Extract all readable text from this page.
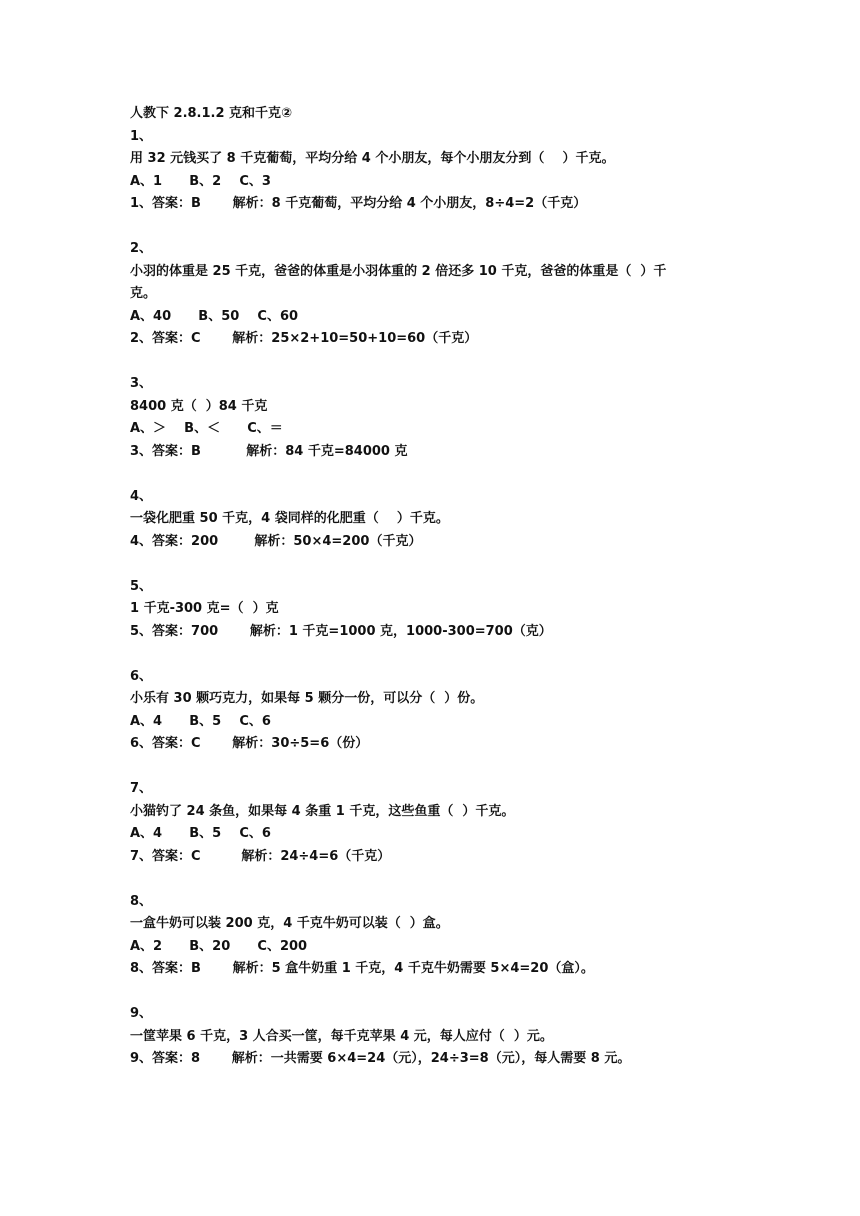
人教下 2.8.1.2 克和千克②
1、
用 32 元钱买了 8 千克葡萄，平均分给 4 个小朋友，每个小朋友分到（    ）千克。
A、1      B、2    C、3
1、答案：B       解析：8 千克葡萄，平均分给 4 个小朋友，8÷4=2（千克）
2、
小羽的体重是 25 千克，爸爸的体重是小羽体重的 2 倍还多 10 千克，爸爸的体重是（  ）千
克。
A、40      B、50    C、60
2、答案：C       解析：25×2+10=50+10=60（千克）
3、
8400 克（  ）84 千克
A、＞    B、＜      C、＝
3、答案：B          解析：84 千克=84000 克
4、
一袋化肥重 50 千克，4 袋同样的化肥重（    ）千克。
4、答案：200        解析：50×4=200（千克）
5、
1 千克-300 克=（  ）克
5、答案：700       解析：1 千克=1000 克，1000-300=700（克）
6、
小乐有 30 颗巧克力，如果每 5 颗分一份，可以分（  ）份。
A、4      B、5    C、6
6、答案：C       解析：30÷5=6（份）
7、
小猫钓了 24 条鱼，如果每 4 条重 1 千克，这些鱼重（  ）千克。
A、4      B、5    C、6
7、答案：C         解析：24÷4=6（千克）
8、
一盒牛奶可以装 200 克，4 千克牛奶可以装（  ）盒。
A、2      B、20      C、200
8、答案：B       解析：5 盒牛奶重 1 千克，4 千克牛奶需要 5×4=20（盒）。
9、
一筐苹果 6 千克，3 人合买一筐，每千克苹果 4 元，每人应付（  ）元。
9、答案：8       解析：一共需要 6×4=24（元），24÷3=8（元），每人需要 8 元。
